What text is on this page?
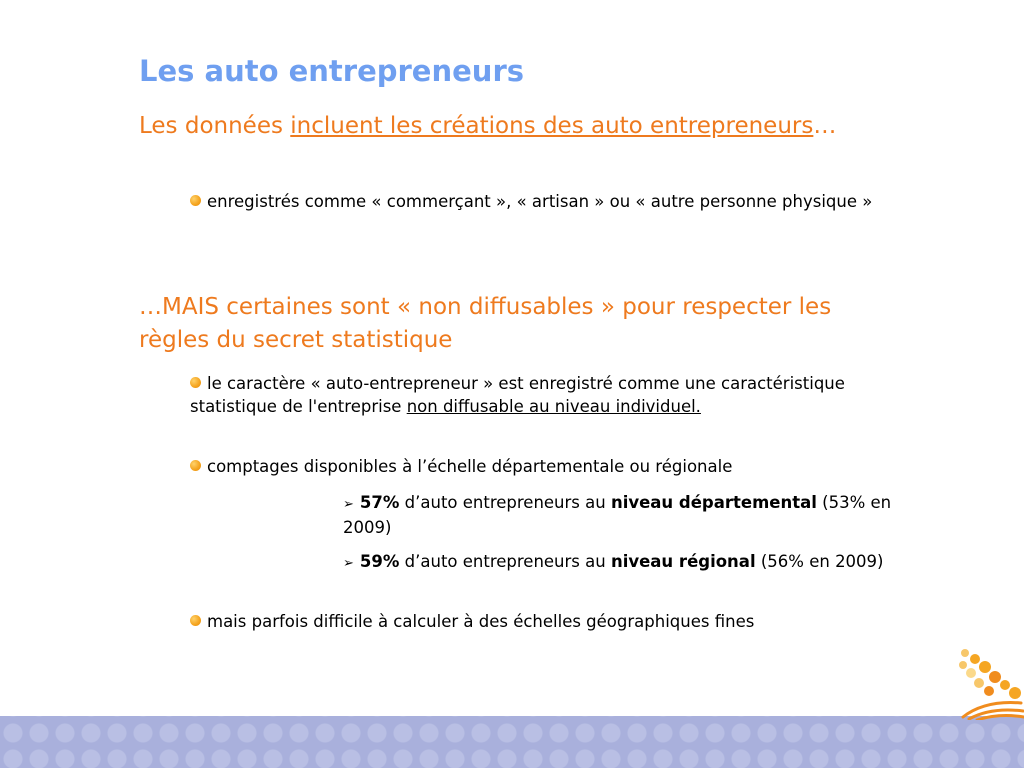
Les auto entrepreneurs
Les données incluent les créations des auto entrepreneurs…
enregistrés comme « commerçant », « artisan » ou « autre personne physique »
…MAIS certaines sont « non diffusables » pour respecter les règles du secret statistique
le caractère « auto-entrepreneur » est enregistré comme une caractéristique statistique de l'entreprise non diffusable au niveau individuel.
comptages disponibles à l’échelle départementale ou régionale
➢ 57% d’auto entrepreneurs au niveau départemental (53% en 2009)
➢ 59% d’auto entrepreneurs au niveau régional (56% en 2009)
mais parfois difficile à calculer à des échelles géographiques fines
